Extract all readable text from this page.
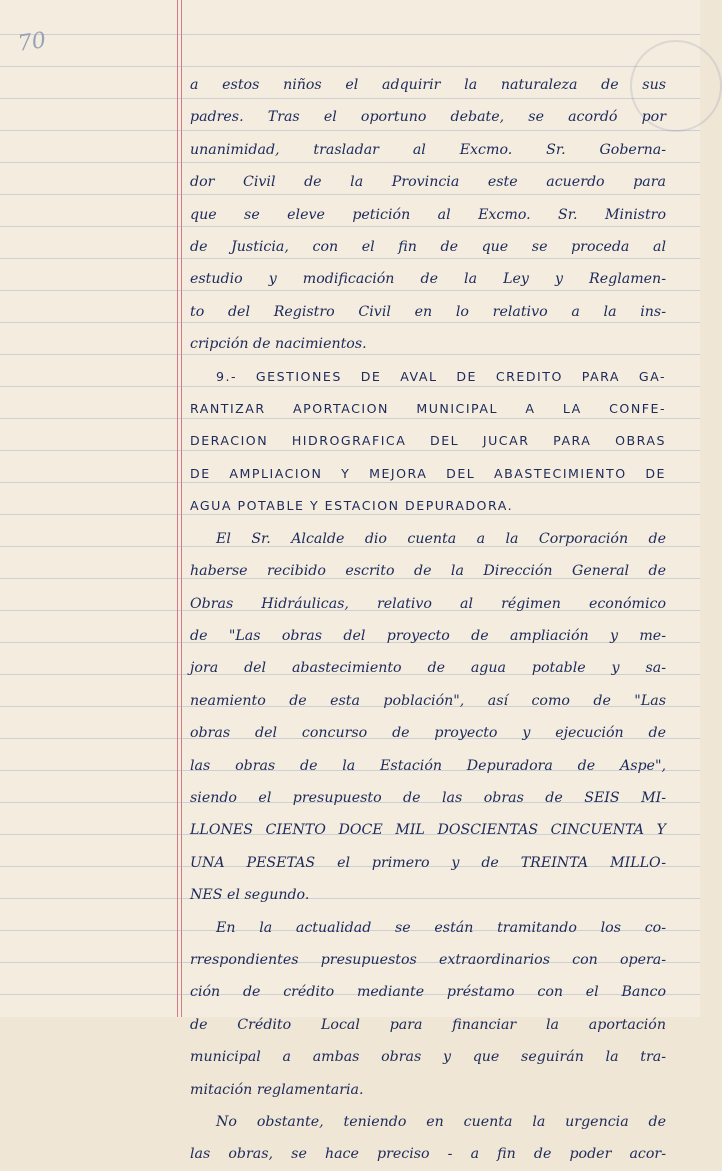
70
a estos niños el adquirir la naturaleza de sus
padres. Tras el oportuno debate, se acordó por
unanimidad, trasladar al Excmo. Sr. Goberna-
dor Civil de la Provincia este acuerdo para
que se eleve petición al Excmo. Sr. Ministro
de Justicia, con el fin de que se proceda al
estudio y modificación de la Ley y Reglamen-
to del Registro Civil en lo relativo a la ins-
cripción de nacimientos.
9.- GESTIONES DE AVAL DE CREDITO PARA GA-
RANTIZAR APORTACION MUNICIPAL A LA CONFE-
DERACION HIDROGRAFICA DEL JUCAR PARA OBRAS
DE AMPLIACION Y MEJORA DEL ABASTECIMIENTO DE
AGUA POTABLE Y ESTACION DEPURADORA.
El Sr. Alcalde dio cuenta a la Corporación de
haberse recibido escrito de la Dirección General de
Obras Hidráulicas, relativo al régimen económico
de "Las obras del proyecto de ampliación y me-
jora del abastecimiento de agua potable y sa-
neamiento de esta población", así como de "Las
obras del concurso de proyecto y ejecución de
las obras de la Estación Depuradora de Aspe",
siendo el presupuesto de las obras de SEIS MI-
LLONES CIENTO DOCE MIL DOSCIENTAS CINCUENTA Y
UNA PESETAS el primero y de TREINTA MILLO-
NES el segundo.
En la actualidad se están tramitando los co-
rrespondientes presupuestos extraordinarios con opera-
ción de crédito mediante préstamo con el Banco
de Crédito Local para financiar la aportación
municipal a ambas obras y que seguirán la tra-
mitación reglamentaria.
No obstante, teniendo en cuenta la urgencia de
las obras, se hace preciso - a fin de poder acor-
